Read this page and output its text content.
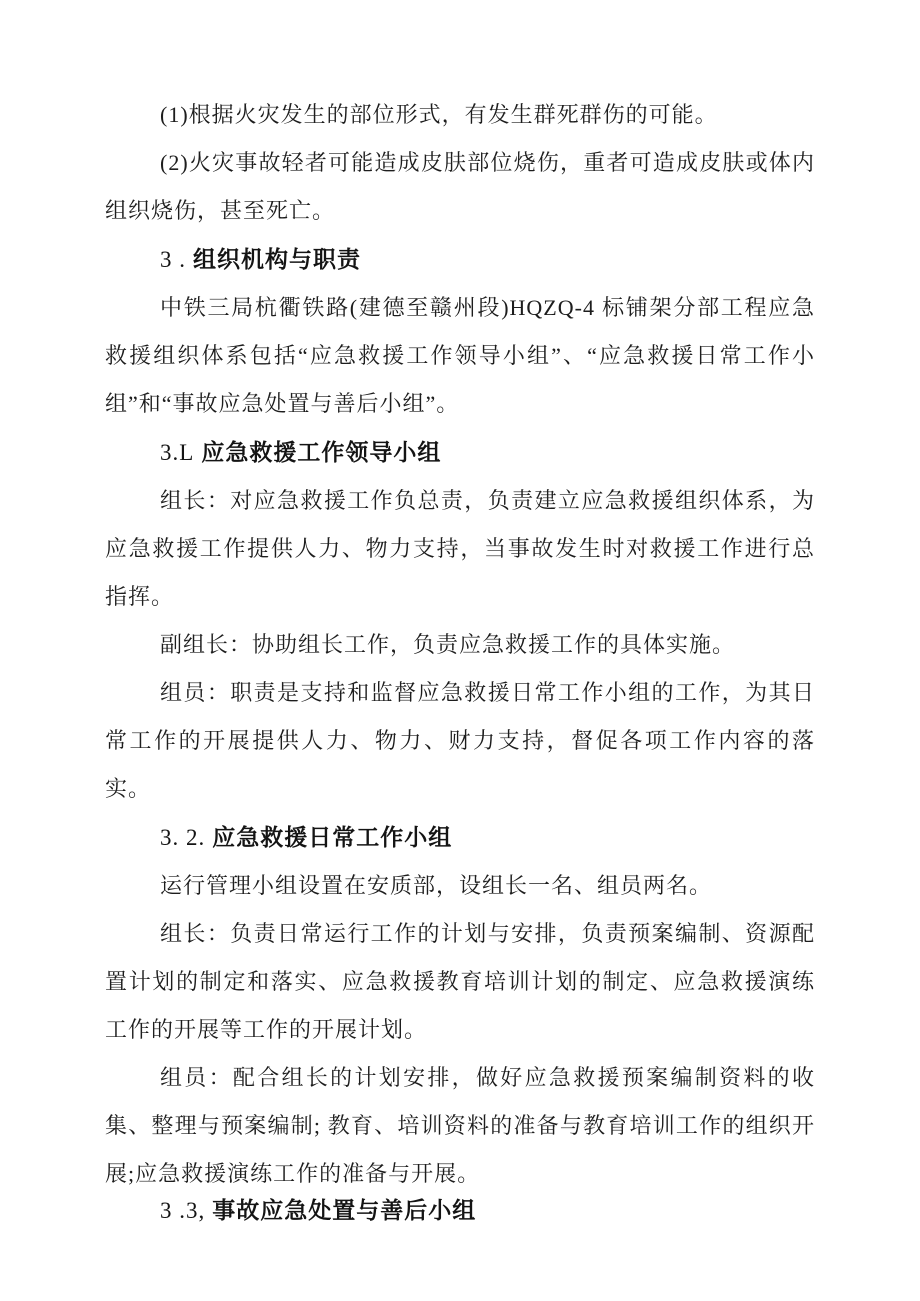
(1)根据火灾发生的部位形式，有发生群死群伤的可能。

(2)火灾事故轻者可能造成皮肤部位烧伤，重者可造成皮肤或体内组织烧伤，甚至死亡。

3 . 组织机构与职责

中铁三局杭衢铁路(建德至赣州段)HQZQ-4 标铺架分部工程应急救援组织体系包括“应急救援工作领导小组”、“应急救援日常工作小组”和“事故应急处置与善后小组”。

3.L 应急救援工作领导小组

组长：对应急救援工作负总责，负责建立应急救援组织体系，为应急救援工作提供人力、物力支持，当事故发生时对救援工作进行总指挥。

副组长：协助组长工作，负责应急救援工作的具体实施。

组员：职责是支持和监督应急救援日常工作小组的工作，为其日常工作的开展提供人力、物力、财力支持，督促各项工作内容的落实。

3. 2. 应急救援日常工作小组

运行管理小组设置在安质部，设组长一名、组员两名。

组长：负责日常运行工作的计划与安排，负责预案编制、资源配置计划的制定和落实、应急救援教育培训计划的制定、应急救援演练工作的开展等工作的开展计划。

组员：配合组长的计划安排，做好应急救援预案编制资料的收集、整理与预案编制; 教育、培训资料的准备与教育培训工作的组织开展;应急救援演练工作的准备与开展。

3 .3, 事故应急处置与善后小组
